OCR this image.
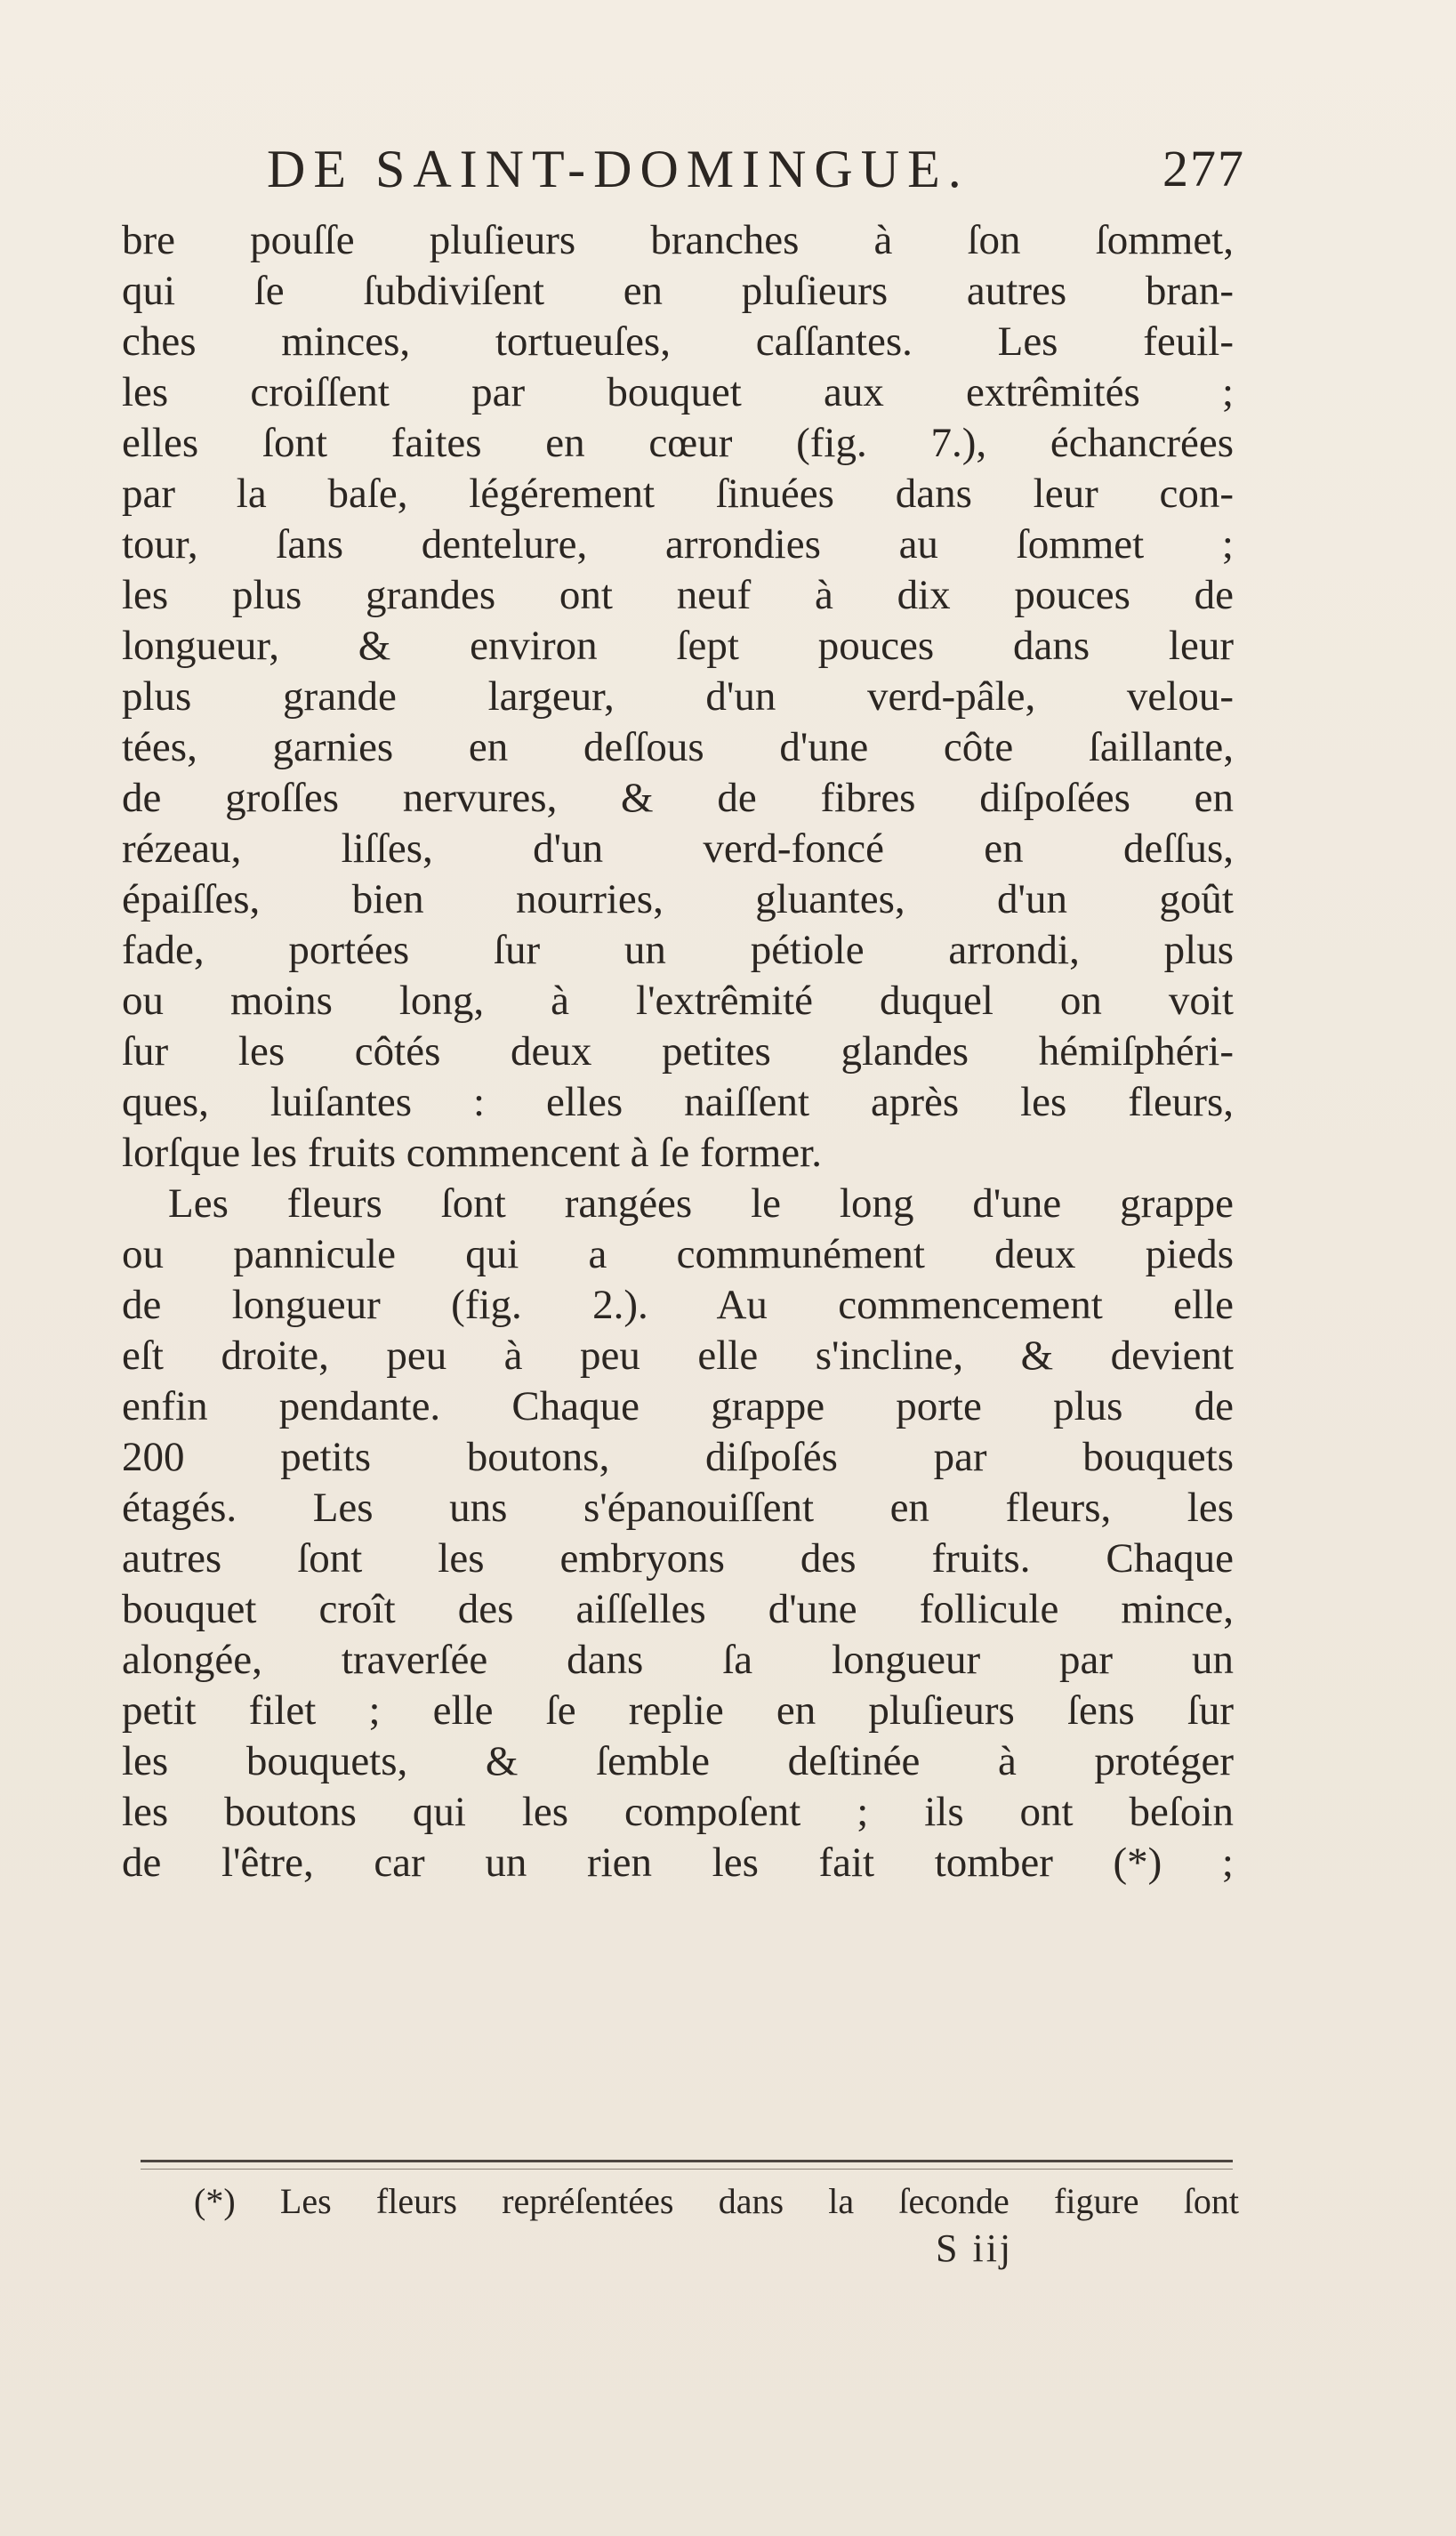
DE SAINT-DOMINGUE.	277
bre pouſſe pluſieurs branches à ſon ſommet,
qui ſe ſubdiviſent en pluſieurs autres bran-
ches minces, tortueuſes, caſſantes. Les feuil-
les croiſſent par bouquet aux extrêmités ;
elles ſont faites en cœur (fig. 7.), échancrées
par la baſe, légérement ſinuées dans leur con-
tour, ſans dentelure, arrondies au ſommet ;
les plus grandes ont neuf à dix pouces de
longueur, & environ ſept pouces dans leur
plus grande largeur, d'un verd-pâle, velou-
tées, garnies en deſſous d'une côte ſaillante,
de groſſes nervures, & de fibres diſpoſées en
rézeau, liſſes, d'un verd-foncé en deſſus,
épaiſſes, bien nourries, gluantes, d'un goût
fade, portées ſur un pétiole arrondi, plus
ou moins long, à l'extrêmité duquel on voit
ſur les côtés deux petites glandes hémiſphéri-
ques, luiſantes : elles naiſſent après les fleurs,
lorſque les fruits commencent à ſe former.
Les fleurs ſont rangées le long d'une grappe
ou pannicule qui a communément deux pieds
de longueur (fig. 2.). Au commencement elle
eſt droite, peu à peu elle s'incline, & devient
enfin pendante. Chaque grappe porte plus de
200 petits boutons, diſpoſés par bouquets
étagés. Les uns s'épanouiſſent en fleurs, les
autres ſont les embryons des fruits. Chaque
bouquet croît des aiſſelles d'une follicule mince,
alongée, traverſée dans ſa longueur par un
petit filet ; elle ſe replie en pluſieurs ſens ſur
les bouquets, & ſemble deſtinée à protéger
les boutons qui les compoſent ; ils ont beſoin
de l'être, car un rien les fait tomber (*) ;
(*) Les fleurs repréſentées dans la ſeconde figure ſont
S iij
